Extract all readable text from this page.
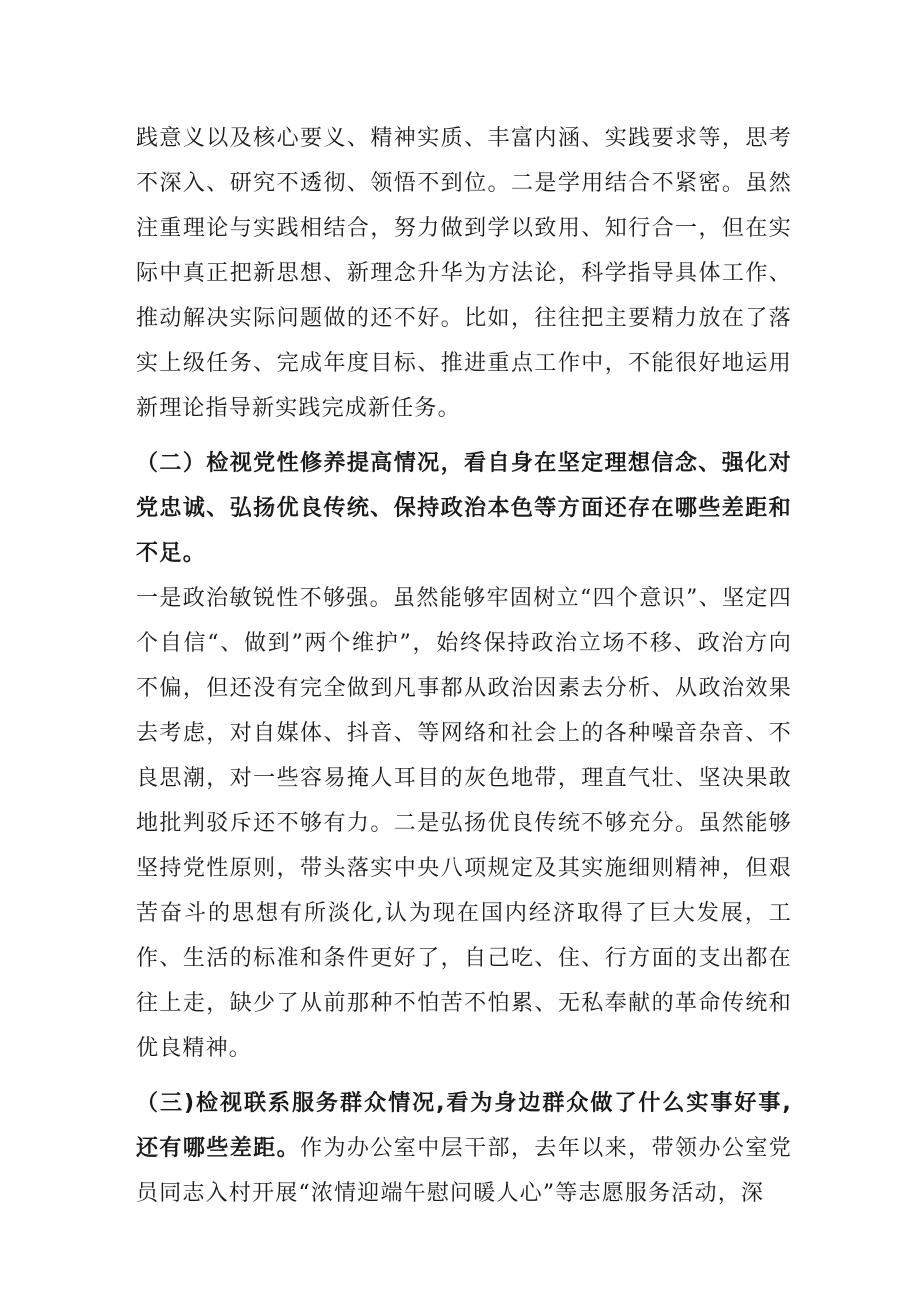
践意义以及核心要义、精神实质、丰富内涵、实践要求等，思考不深入、研究不透彻、领悟不到位。二是学用结合不紧密。虽然注重理论与实践相结合，努力做到学以致用、知行合一，但在实际中真正把新思想、新理念升华为方法论，科学指导具体工作、推动解决实际问题做的还不好。比如，往往把主要精力放在了落实上级任务、完成年度目标、推进重点工作中，不能很好地运用新理论指导新实践完成新任务。

（二）检视党性修养提高情况，看自身在坚定理想信念、强化对党忠诚、弘扬优良传统、保持政治本色等方面还存在哪些差距和不足。

一是政治敏锐性不够强。虽然能够牢固树立“四个意识”、坚定四个自信“、做到”两个维护”，始终保持政治立场不移、政治方向不偏，但还没有完全做到凡事都从政治因素去分析、从政治效果去考虑，对自媒体、抖音、等网络和社会上的各种噪音杂音、不良思潮，对一些容易掩人耳目的灰色地带，理直气壮、坚决果敢地批判驳斥还不够有力。二是弘扬优良传统不够充分。虽然能够坚持党性原则，带头落实中央八项规定及其实施细则精神，但艰苦奋斗的思想有所淡化,认为现在国内经济取得了巨大发展，工作、生活的标准和条件更好了，自己吃、住、行方面的支出都在往上走，缺少了从前那种不怕苦不怕累、无私奉献的革命传统和优良精神。

（三)检视联系服务群众情况,看为身边群众做了什么实事好事,还有哪些差距。作为办公室中层干部，去年以来，带领办公室党员同志入村开展“浓情迎端午慰问暖人心”等志愿服务活动，深
